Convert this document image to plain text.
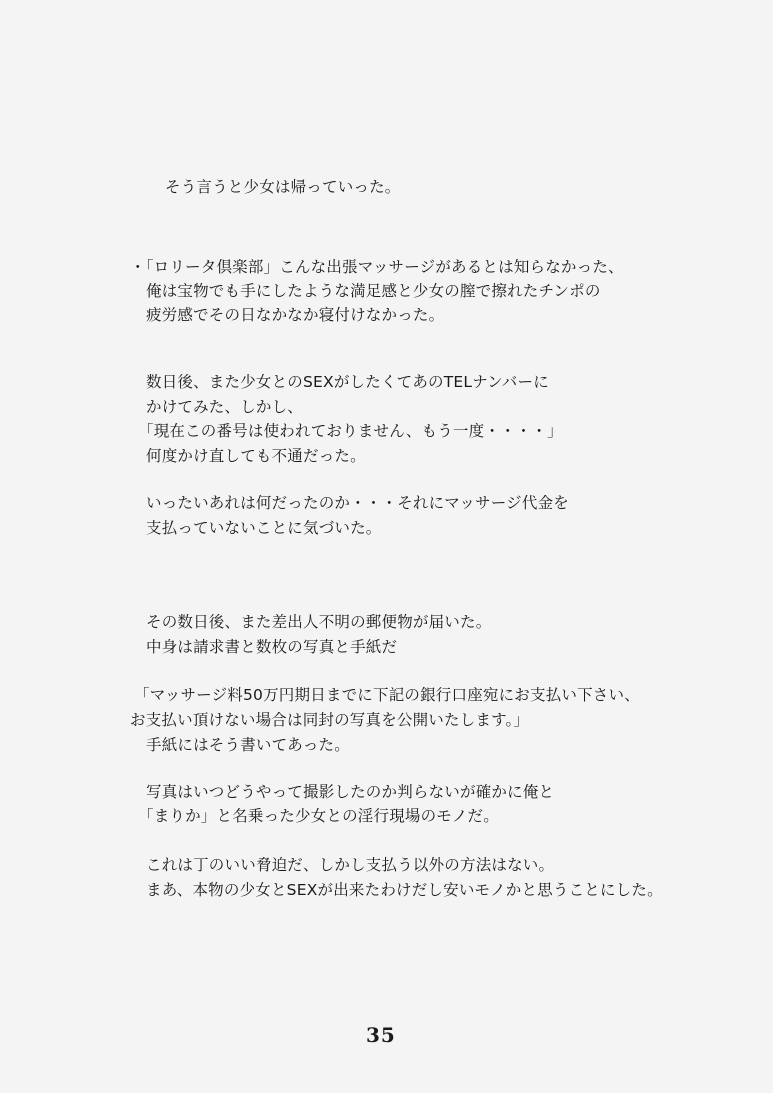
そう言うと少女は帰っていった。
・「ロリータ倶楽部」こんな出張マッサージがあるとは知らなかった、
俺は宝物でも手にしたような満足感と少女の膣で擦れたチンポの
疲労感でその日なかなか寝付けなかった。
数日後、また少女とのSEXがしたくてあのTELナンバーに
かけてみた、しかし、
「現在この番号は使われておりません、もう一度・・・・」
何度かけ直しても不通だった。
いったいあれは何だったのか・・・それにマッサージ代金を
支払っていないことに気づいた。
その数日後、また差出人不明の郵便物が届いた。
中身は請求書と数枚の写真と手紙だ
「マッサージ料50万円期日までに下記の銀行口座宛にお支払い下さい、
お支払い頂けない場合は同封の写真を公開いたします。」
手紙にはそう書いてあった。
写真はいつどうやって撮影したのか判らないが確かに俺と
「まりか」と名乗った少女との淫行現場のモノだ。
これは丁のいい脅迫だ、しかし支払う以外の方法はない。
まあ、本物の少女とSEXが出来たわけだし安いモノかと思うことにした。
35
